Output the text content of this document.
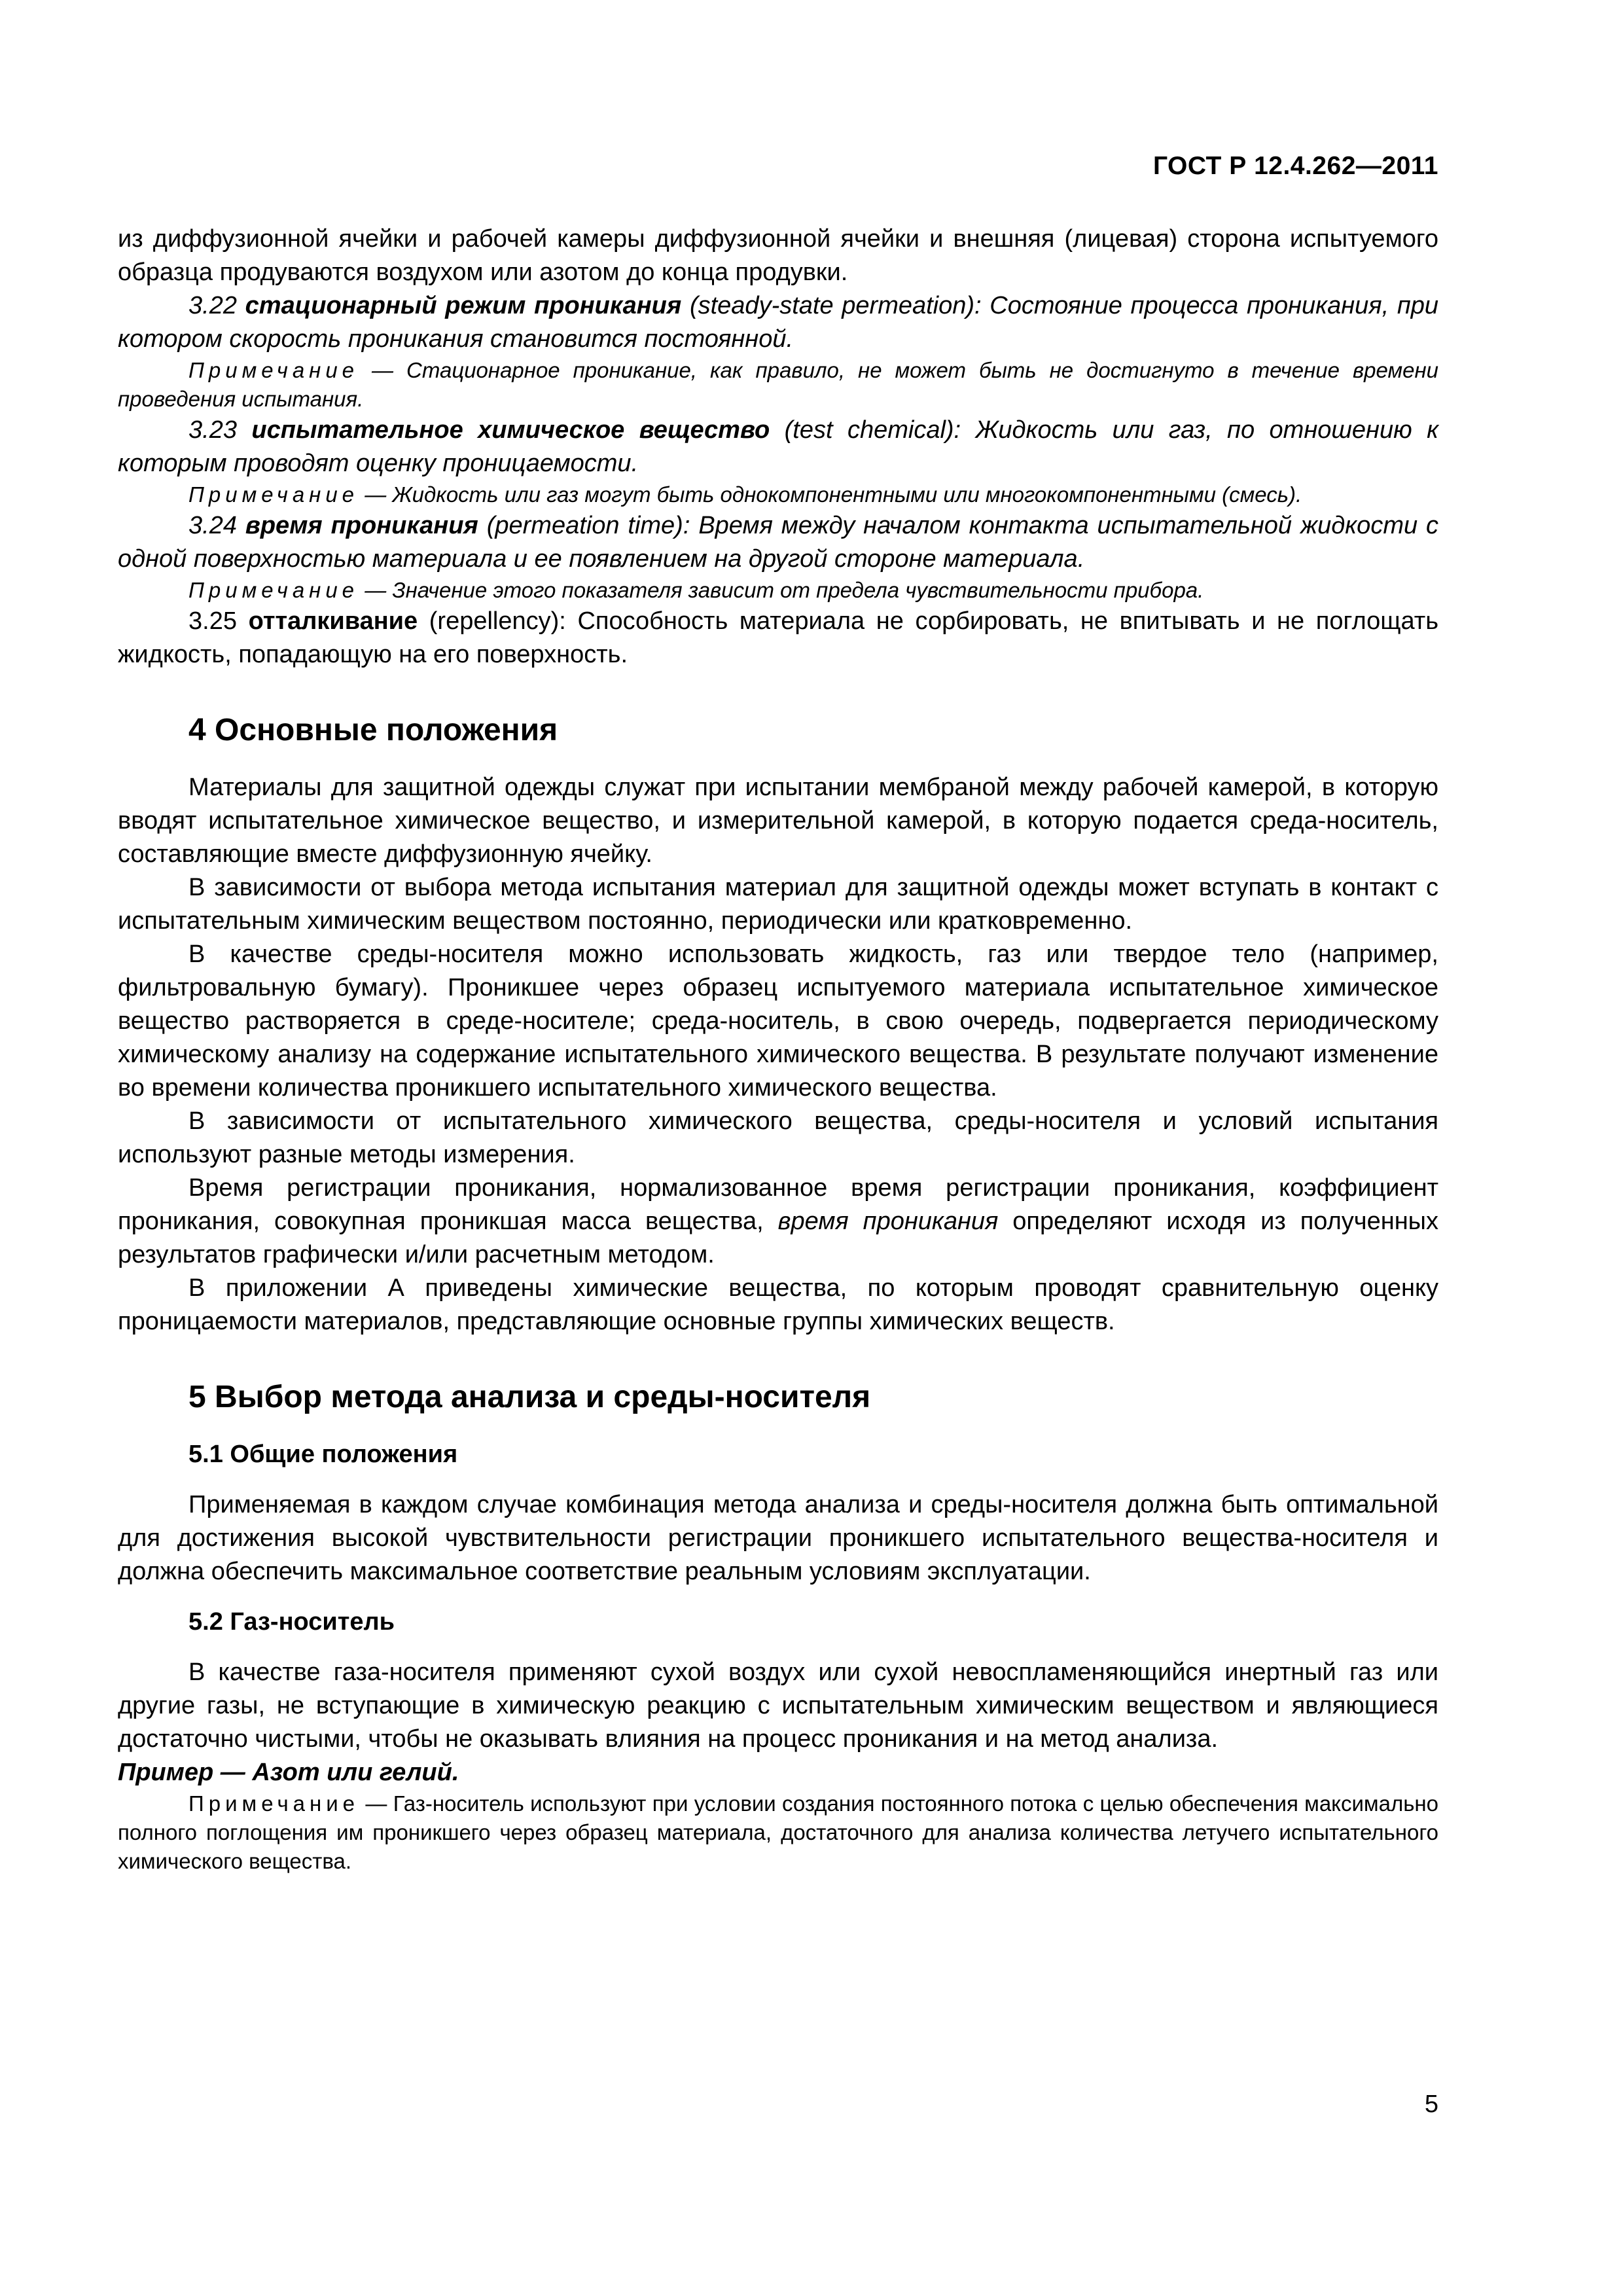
ГОСТ Р 12.4.262—2011

из диффузионной ячейки и рабочей камеры диффузионной ячейки и внешняя (лицевая) сторона испытуемого образца продуваются воздухом или азотом до конца продувки.

3.22 стационарный режим проникания (steady-state permeation): Состояние процесса проникания, при котором скорость проникания становится постоянной.

Примечание — Стационарное проникание, как правило, не может быть не достигнуто в течение времени проведения испытания.

3.23 испытательное химическое вещество (test chemical): Жидкость или газ, по отношению к которым проводят оценку проницаемости.

Примечание — Жидкость или газ могут быть однокомпонентными или многокомпонентными (смесь).

3.24 время проникания (permeation time): Время между началом контакта испытательной жидкости с одной поверхностью материала и ее появлением на другой стороне материала.

Примечание — Значение этого показателя зависит от предела чувствительности прибора.

3.25 отталкивание (repellency): Способность материала не сорбировать, не впитывать и не поглощать жидкость, попадающую на его поверхность.

4 Основные положения

Материалы для защитной одежды служат при испытании мембраной между рабочей камерой, в которую вводят испытательное химическое вещество, и измерительной камерой, в которую подается среда-носитель, составляющие вместе диффузионную ячейку.

В зависимости от выбора метода испытания материал для защитной одежды может вступать в контакт с испытательным химическим веществом постоянно, периодически или кратковременно.

В качестве среды-носителя можно использовать жидкость, газ или твердое тело (например, фильтровальную бумагу). Проникшее через образец испытуемого материала испытательное химическое вещество растворяется в среде-носителе; среда-носитель, в свою очередь, подвергается периодическому химическому анализу на содержание испытательного химического вещества. В результате получают изменение во времени количества проникшего испытательного химического вещества.

В зависимости от испытательного химического вещества, среды-носителя и условий испытания используют разные методы измерения.

Время регистрации проникания, нормализованное время регистрации проникания, коэффициент проникания, совокупная проникшая масса вещества, время проникания определяют исходя из полученных результатов графически и/или расчетным методом.

В приложении А приведены химические вещества, по которым проводят сравнительную оценку проницаемости материалов, представляющие основные группы химических веществ.

5 Выбор метода анализа и среды-носителя
5.1 Общие положения

Применяемая в каждом случае комбинация метода анализа и среды-носителя должна быть оптимальной для достижения высокой чувствительности регистрации проникшего испытательного вещества-носителя и должна обеспечить максимальное соответствие реальным условиям эксплуатации.

5.2 Газ-носитель

В качестве газа-носителя применяют сухой воздух или сухой невоспламеняющийся инертный газ или другие газы, не вступающие в химическую реакцию с испытательным химическим веществом и являющиеся достаточно чистыми, чтобы не оказывать влияния на процесс проникания и на метод анализа.

Пример — Азот или гелий.

Примечание — Газ-носитель используют при условии создания постоянного потока с целью обеспечения максимально полного поглощения им проникшего через образец материала, достаточного для анализа количества летучего испытательного химического вещества.

5
